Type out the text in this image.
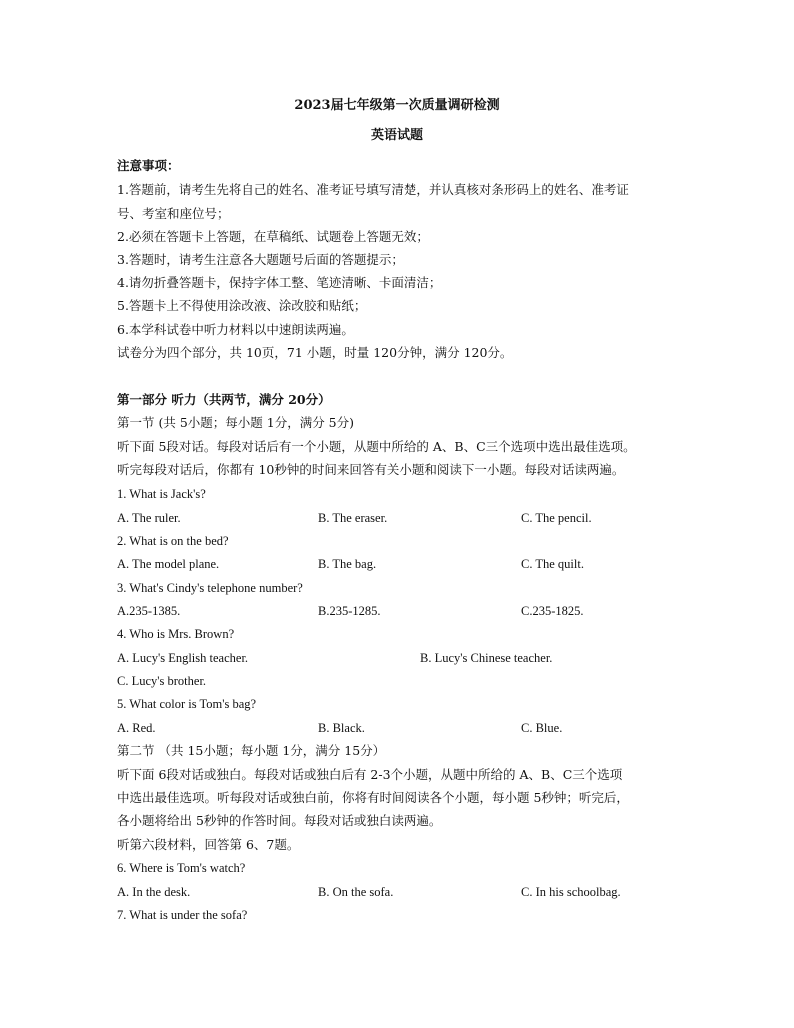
2023届七年级第一次质量调研检测
英语试题
注意事项：
1.答题前，请考生先将自己的姓名、准考证号填写清楚，并认真核对条形码上的姓名、准考证
号、考室和座位号；
2.必须在答题卡上答题，在草稿纸、试题卷上答题无效；
3.答题时，请考生注意各大题题号后面的答题提示；
4.请勿折叠答题卡，保持字体工整、笔迹清晰、卡面清洁；
5.答题卡上不得使用涂改液、涂改胶和贴纸；
6.本学科试卷中听力材料以中速朗读两遍。
试卷分为四个部分，共 10页，71 小题，时量 120分钟，满分 120分。
第一部分 听力（共两节，满分 20分）
第一节 (共 5小题；每小题 1分，满分 5分)
听下面 5段对话。每段对话后有一个小题，从题中所给的 A、B、C三个选项中选出最佳选项。
听完每段对话后，你都有 10秒钟的时间来回答有关小题和阅读下一小题。每段对话读两遍。
1. What is Jack's?
A. The ruler.	B. The eraser.	C. The pencil.
2. What is on the bed?
A. The model plane.	B. The bag.	C. The quilt.
3. What's Cindy's telephone number?
A.235-1385.	B.235-1285.	C.235-1825.
4. Who is Mrs. Brown?
A. Lucy's English teacher.	B. Lucy's Chinese teacher.
C. Lucy's brother.
5. What color is Tom's bag?
A. Red.	B. Black.	C. Blue.
第二节 （共 15小题；每小题 1分，满分 15分）
听下面 6段对话或独白。每段对话或独白后有 2-3个小题，从题中所给的 A、B、C三个选项
中选出最佳选项。听每段对话或独白前，你将有时间阅读各个小题，每小题 5秒钟；听完后，
各小题将给出 5秒钟的作答时间。每段对话或独白读两遍。
听第六段材料，回答第 6、7题。
6. Where is Tom's watch?
A. In the desk.	B. On the sofa.	C. In his schoolbag.
7. What is under the sofa?
